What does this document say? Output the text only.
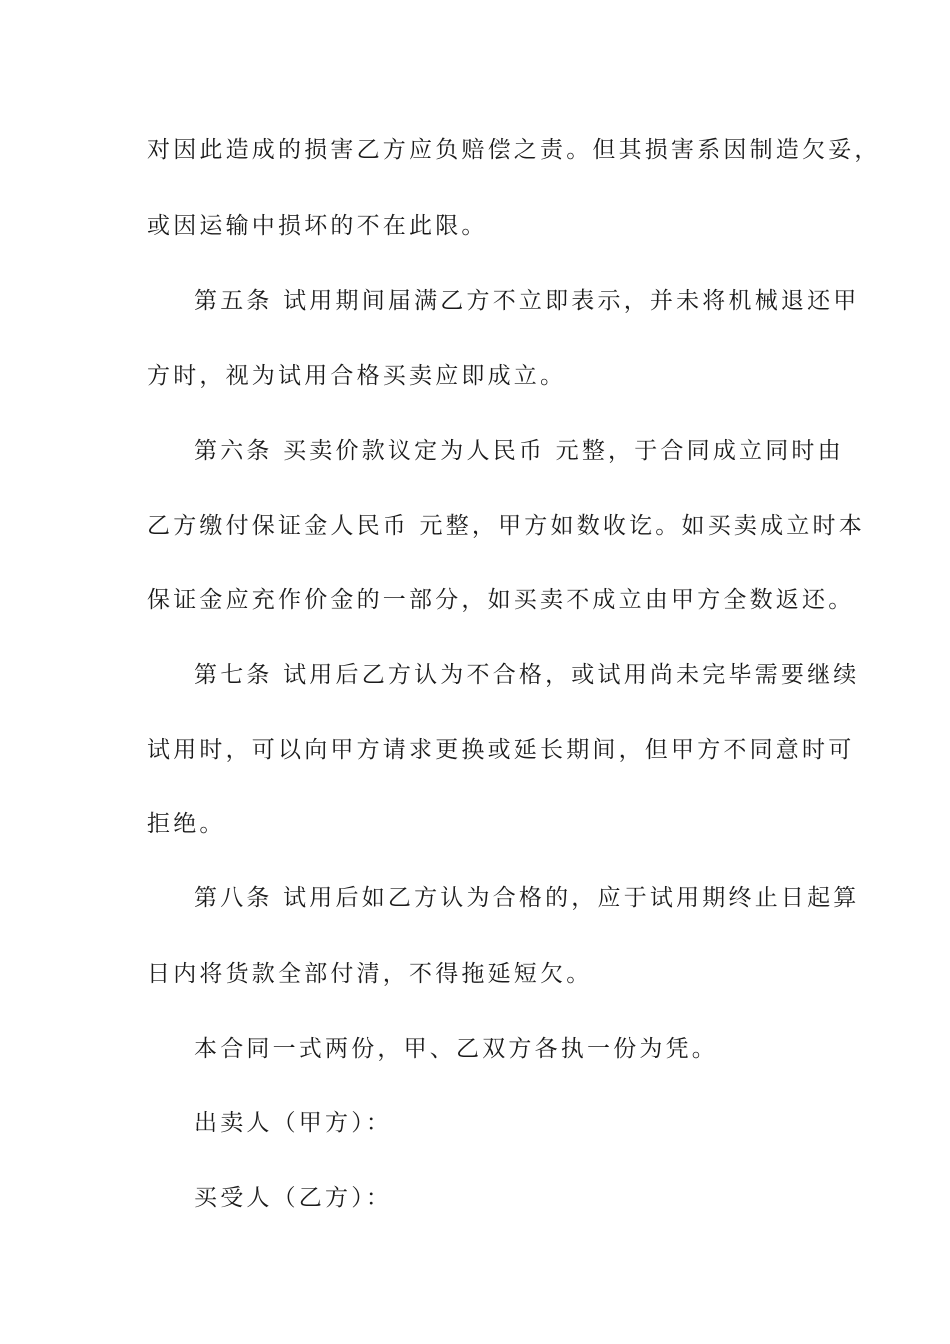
对因此造成的损害乙方应负赔偿之责。但其损害系因制造欠妥，
或因运输中损坏的不在此限。
第五条 试用期间届满乙方不立即表示，并未将机械退还甲
方时，视为试用合格买卖应即成立。
第六条 买卖价款议定为人民币 元整，于合同成立同时由
乙方缴付保证金人民币 元整，甲方如数收讫。如买卖成立时本
保证金应充作价金的一部分，如买卖不成立由甲方全数返还。
第七条 试用后乙方认为不合格，或试用尚未完毕需要继续
试用时，可以向甲方请求更换或延长期间，但甲方不同意时可
拒绝。
第八条 试用后如乙方认为合格的，应于试用期终止日起算
日内将货款全部付清，不得拖延短欠。
本合同一式两份，甲、乙双方各执一份为凭。
出卖人（甲方）：
买受人（乙方）：
